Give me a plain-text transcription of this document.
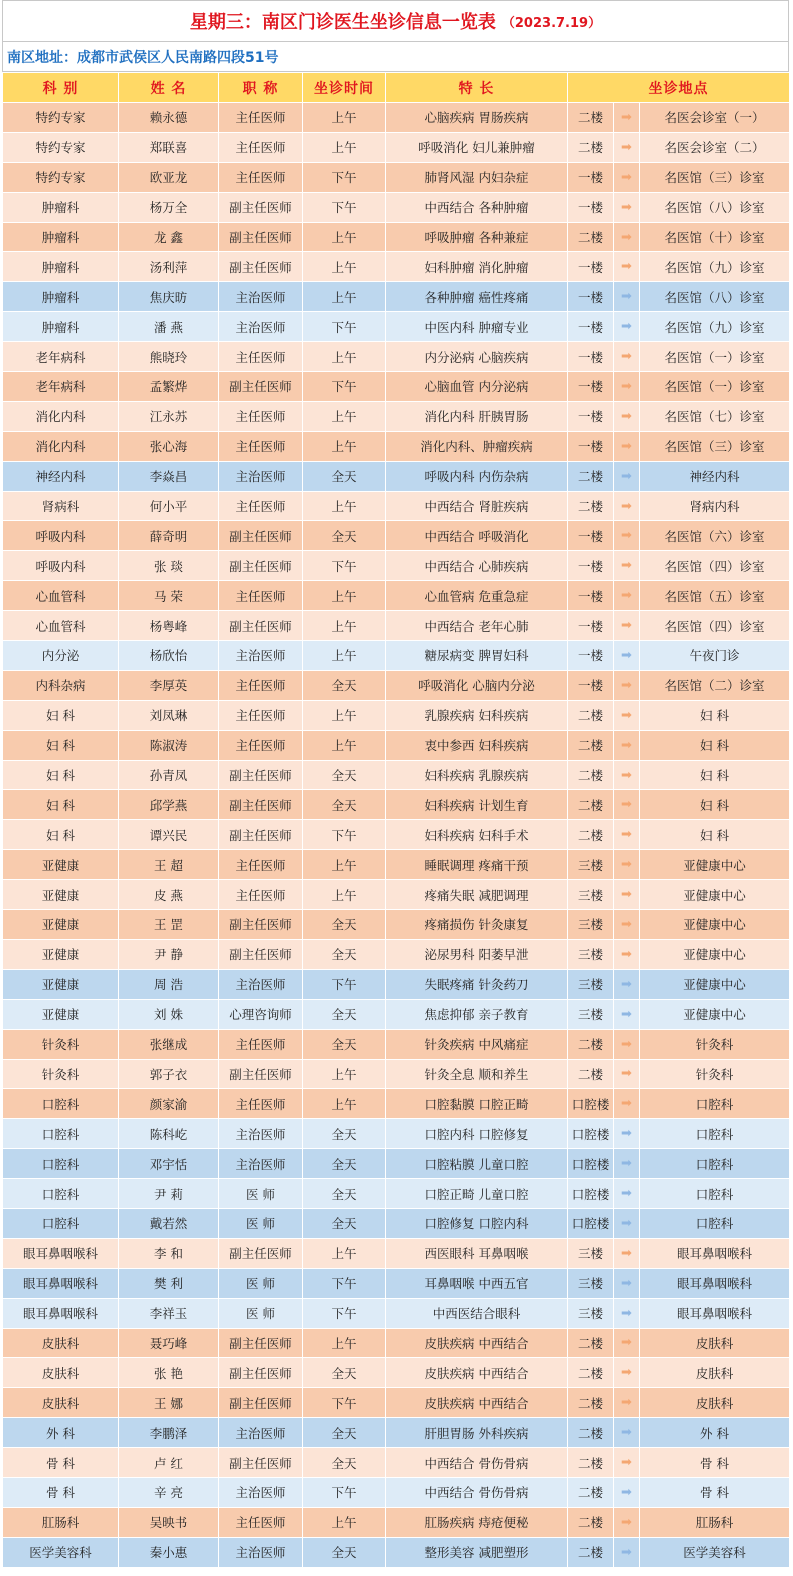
星期三：南区门诊医生坐诊信息一览表 （2023.7.19）
南区地址： 成都市武侯区人民南路四段51号
科 别	姓 名	职 称	坐诊时间	特 长	坐诊地点		
特约专家	赖永德	主任医师	上午	心脑疾病 胃肠疾病	二楼	➡	名医会诊室（一）
特约专家	郑联喜	主任医师	上午	呼吸消化 妇儿兼肿瘤	二楼	➡	名医会诊室（二）
特约专家	欧亚龙	主任医师	下午	肺肾风湿 内妇杂症	一楼	➡	名医馆（三）诊室
肿瘤科	杨万全	副主任医师	下午	中西结合 各种肿瘤	一楼	➡	名医馆（八）诊室
肿瘤科	龙 鑫	副主任医师	上午	呼吸肿瘤 各种兼症	二楼	➡	名医馆（十）诊室
肿瘤科	汤利萍	副主任医师	上午	妇科肿瘤 消化肿瘤	一楼	➡	名医馆（九）诊室
肿瘤科	焦庆昉	主治医师	上午	各种肿瘤 癌性疼痛	一楼	➡	名医馆（八）诊室
肿瘤科	潘 燕	主治医师	下午	中医内科 肿瘤专业	一楼	➡	名医馆（九）诊室
老年病科	熊晓玲	主任医师	上午	内分泌病 心脑疾病	一楼	➡	名医馆（一）诊室
老年病科	孟繁烨	副主任医师	下午	心脑血管 内分泌病	一楼	➡	名医馆（一）诊室
消化内科	江永苏	主任医师	上午	消化内科 肝胰胃肠	一楼	➡	名医馆（七）诊室
消化内科	张心海	主任医师	上午	消化内科、肿瘤疾病	一楼	➡	名医馆（三）诊室
神经内科	李焱昌	主治医师	全天	呼吸内科 内伤杂病	二楼	➡	神经内科
肾病科	何小平	主任医师	上午	中西结合 肾脏疾病	二楼	➡	肾病内科
呼吸内科	薛奇明	副主任医师	全天	中西结合 呼吸消化	一楼	➡	名医馆（六）诊室
呼吸内科	张 琰	副主任医师	下午	中西结合 心肺疾病	一楼	➡	名医馆（四）诊室
心血管科	马 荣	主任医师	上午	心血管病 危重急症	一楼	➡	名医馆（五）诊室
心血管科	杨粤峰	副主任医师	上午	中西结合 老年心肺	一楼	➡	名医馆（四）诊室
内分泌	杨欣怡	主治医师	上午	糖尿病变 脾胃妇科	一楼	➡	午夜门诊
内科杂病	李厚英	主任医师	全天	呼吸消化 心脑内分泌	一楼	➡	名医馆（二）诊室
妇 科	刘凤琳	主任医师	上午	乳腺疾病 妇科疾病	二楼	➡	妇 科
妇 科	陈淑涛	主任医师	上午	衷中参西 妇科疾病	二楼	➡	妇 科
妇 科	孙青凤	副主任医师	全天	妇科疾病 乳腺疾病	二楼	➡	妇 科
妇 科	邱学燕	副主任医师	全天	妇科疾病 计划生育	二楼	➡	妇 科
妇 科	谭兴民	副主任医师	下午	妇科疾病 妇科手术	二楼	➡	妇 科
亚健康	王 超	主任医师	上午	睡眠调理 疼痛干预	三楼	➡	亚健康中心
亚健康	皮 燕	主任医师	上午	疼痛失眠 减肥调理	三楼	➡	亚健康中心
亚健康	王 罡	副主任医师	全天	疼痛损伤 针灸康复	三楼	➡	亚健康中心
亚健康	尹 静	副主任医师	全天	泌尿男科 阳萎早泄	三楼	➡	亚健康中心
亚健康	周 浩	主治医师	下午	失眠疼痛 针灸药刀	三楼	➡	亚健康中心
亚健康	刘 姝	心理咨询师	全天	焦虑抑郁 亲子教育	三楼	➡	亚健康中心
针灸科	张继成	主任医师	全天	针灸疾病 中风痛症	二楼	➡	针灸科
针灸科	郭子衣	副主任医师	上午	针灸全息 顺和养生	二楼	➡	针灸科
口腔科	颜家渝	主任医师	上午	口腔黏膜 口腔正畸	口腔楼	➡	口腔科
口腔科	陈科屹	主治医师	全天	口腔内科 口腔修复	口腔楼	➡	口腔科
口腔科	邓宇恬	主治医师	全天	口腔粘膜 儿童口腔	口腔楼	➡	口腔科
口腔科	尹 莉	医 师	全天	口腔正畸 儿童口腔	口腔楼	➡	口腔科
口腔科	戴若然	医 师	全天	口腔修复 口腔内科	口腔楼	➡	口腔科
眼耳鼻咽喉科	李 和	副主任医师	上午	西医眼科 耳鼻咽喉	三楼	➡	眼耳鼻咽喉科
眼耳鼻咽喉科	樊 利	医 师	下午	耳鼻咽喉 中西五官	三楼	➡	眼耳鼻咽喉科
眼耳鼻咽喉科	李祥玉	医 师	下午	中西医结合眼科	三楼	➡	眼耳鼻咽喉科
皮肤科	聂巧峰	副主任医师	上午	皮肤疾病 中西结合	二楼	➡	皮肤科
皮肤科	张 艳	副主任医师	全天	皮肤疾病 中西结合	二楼	➡	皮肤科
皮肤科	王 娜	副主任医师	下午	皮肤疾病 中西结合	二楼	➡	皮肤科
外 科	李鹏泽	主治医师	全天	肝胆胃肠 外科疾病	二楼	➡	外 科
骨 科	卢 红	副主任医师	全天	中西结合 骨伤骨病	二楼	➡	骨 科
骨 科	辛 亮	主治医师	下午	中西结合 骨伤骨病	二楼	➡	骨 科
肛肠科	吴映书	主任医师	上午	肛肠疾病 痔疮便秘	二楼	➡	肛肠科
医学美容科	秦小惠	主治医师	全天	整形美容 减肥塑形	二楼	➡	医学美容科
